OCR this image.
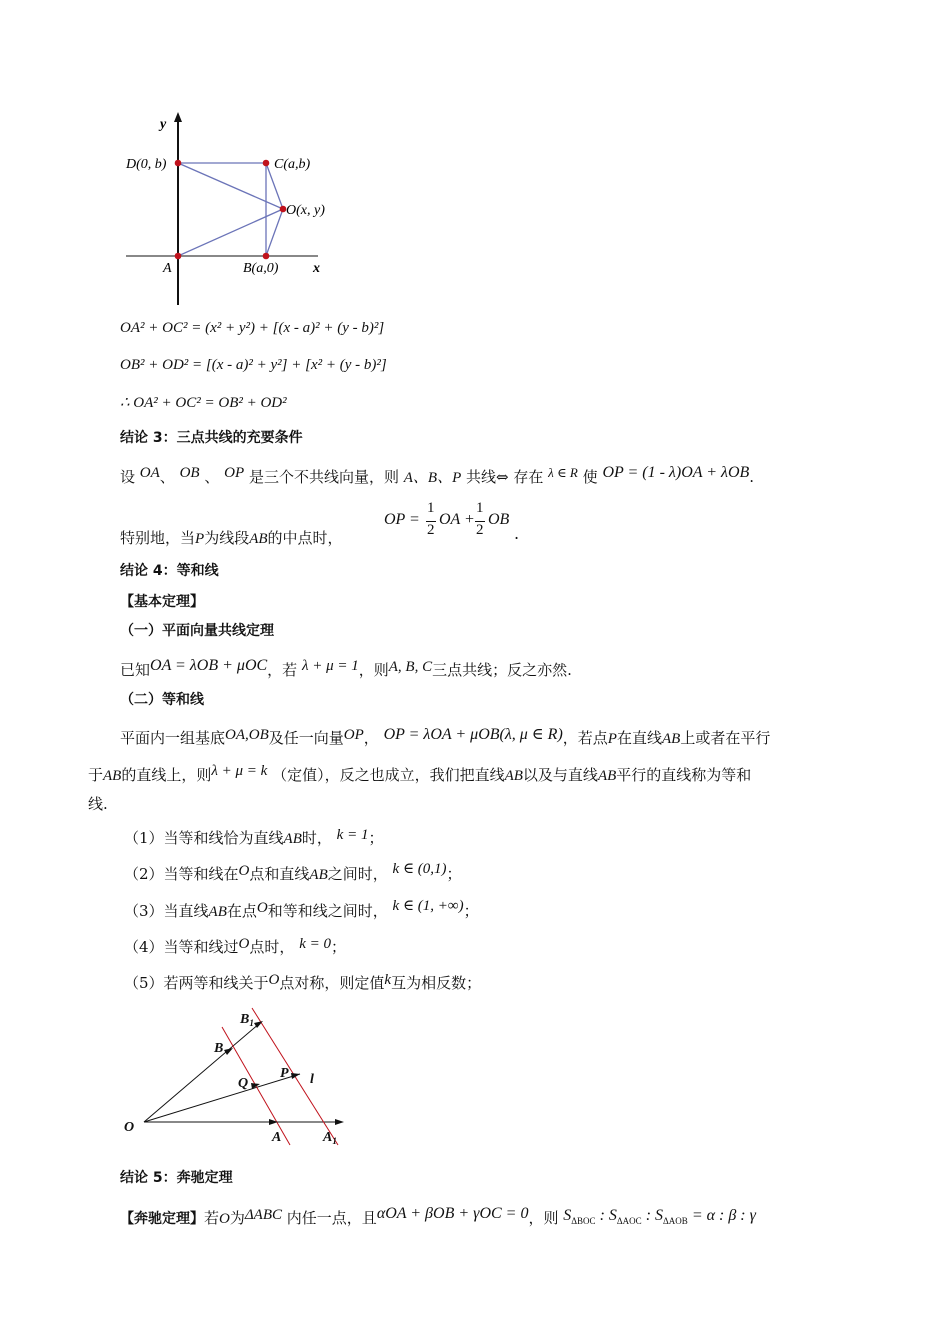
y
x
D(0, b)	C(a,b)
O(x, y)
A	B(a,0)
OA² + OC² = (x² + y²) + [(x - a)² + (y - b)²]
OB² + OD² = [(x - a)² + y²] + [x² + (y - b)²]
∴ OA² + OC² = OB² + OD²
结论 3：三点共线的充要条件
设 OA、 OB 、 OP 是三个不共线向量，则 A、B、P 共线⇔ 存在 λ ∈ R 使 OP = (1 - λ)OA + λOB.
特别地，当P为线段AB的中点时，
OP =
1
2
OA +
1
2
OB
.
结论 4：等和线
【基本定理】
（一）平面向量共线定理
已知OA = λOB + μOC，若 λ + μ = 1，则A, B, C三点共线；反之亦然.
（二）等和线
平面内一组基底OA,OB及任一向量OP， OP = λOA + μOB(λ, μ ∈ R)，若点P在直线AB上或者在平行
于AB的直线上，则λ + μ = k （定值），反之也成立，我们把直线AB以及与直线AB平行的直线称为等和
线.
（1）当等和线恰为直线AB时， k = 1；
（2）当等和线在O点和直线AB之间时， k ∈ (0,1)；
（3）当直线AB在点O和等和线之间时， k ∈ (1, +∞)；
（4）当等和线过O点时， k = 0；
（5）若两等和线关于O点对称，则定值k互为相反数；
O
A	$A_1$
B
$B_1$
Q
P l
结论 5：奔驰定理
【奔驰定理】若O为ΔABC 内任一点，且αOA + βOB + γOC = 0，则 $S_{\Delta BOC}$ : $S_{\Delta AOC}$ : $S_{\Delta AOB} = \alpha$ : β : γ
